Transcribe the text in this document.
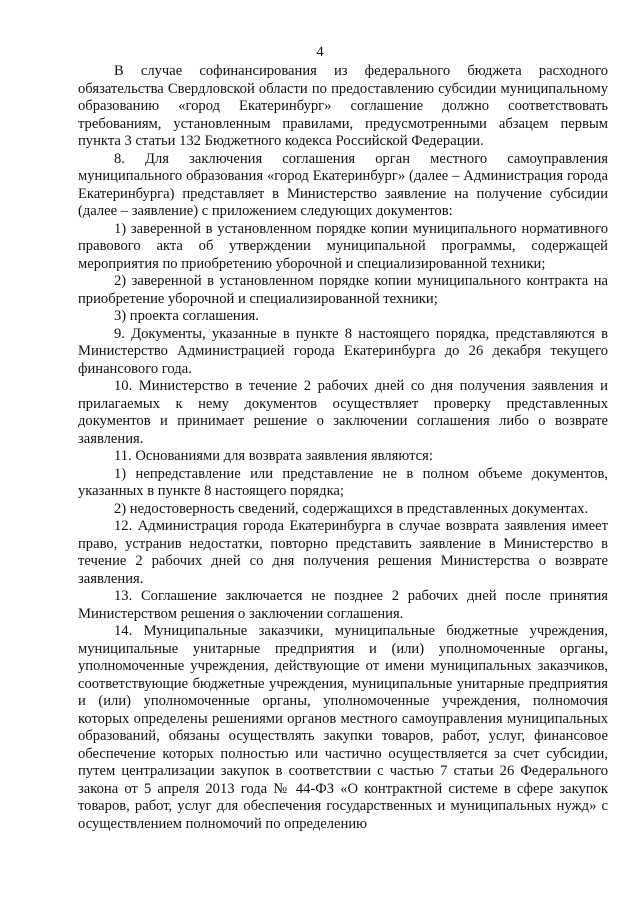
4

В случае софинансирования из федерального бюджета расходного обязательства Свердловской области по предоставлению субсидии муниципальному образованию «город Екатеринбург» соглашение должно соответствовать требованиям, установленным правилами, предусмотренными абзацем первым пункта 3 статьи 132 Бюджетного кодекса Российской Федерации.

8. Для заключения соглашения орган местного самоуправления муниципального образования «город Екатеринбург» (далее – Администрация города Екатеринбурга) представляет в Министерство заявление на получение субсидии (далее – заявление) с приложением следующих документов:

1) заверенной в установленном порядке копии муниципального нормативного правового акта об утверждении муниципальной программы, содержащей мероприятия по приобретению уборочной и специализированной техники;

2) заверенной в установленном порядке копии муниципального контракта на приобретение уборочной и специализированной техники;

3) проекта соглашения.

9. Документы, указанные в пункте 8 настоящего порядка, представляются в Министерство Администрацией города Екатеринбурга до 26 декабря текущего финансового года.

10. Министерство в течение 2 рабочих дней со дня получения заявления и прилагаемых к нему документов осуществляет проверку представленных документов и принимает решение о заключении соглашения либо о возврате заявления.

11. Основаниями для возврата заявления являются:

1) непредставление или представление не в полном объеме документов, указанных в пункте 8 настоящего порядка;

2) недостоверность сведений, содержащихся в представленных документах.

12. Администрация города Екатеринбурга в случае возврата заявления имеет право, устранив недостатки, повторно представить заявление в Министерство в течение 2 рабочих дней со дня получения решения Министерства о возврате заявления.

13. Соглашение заключается не позднее 2 рабочих дней после принятия Министерством решения о заключении соглашения.

14. Муниципальные заказчики, муниципальные бюджетные учреждения, муниципальные унитарные предприятия и (или) уполномоченные органы, уполномоченные учреждения, действующие от имени муниципальных заказчиков, соответствующие бюджетные учреждения, муниципальные унитарные предприятия и (или) уполномоченные органы, уполномоченные учреждения, полномочия которых определены решениями органов местного самоуправления муниципальных образований, обязаны осуществлять закупки товаров, работ, услуг, финансовое обеспечение которых полностью или частично осуществляется за счет субсидии, путем централизации закупок в соответствии с частью 7 статьи 26 Федерального закона от 5 апреля 2013 года № 44-ФЗ «О контрактной системе в сфере закупок товаров, работ, услуг для обеспечения государственных и муниципальных нужд» с осуществлением полномочий по определению
